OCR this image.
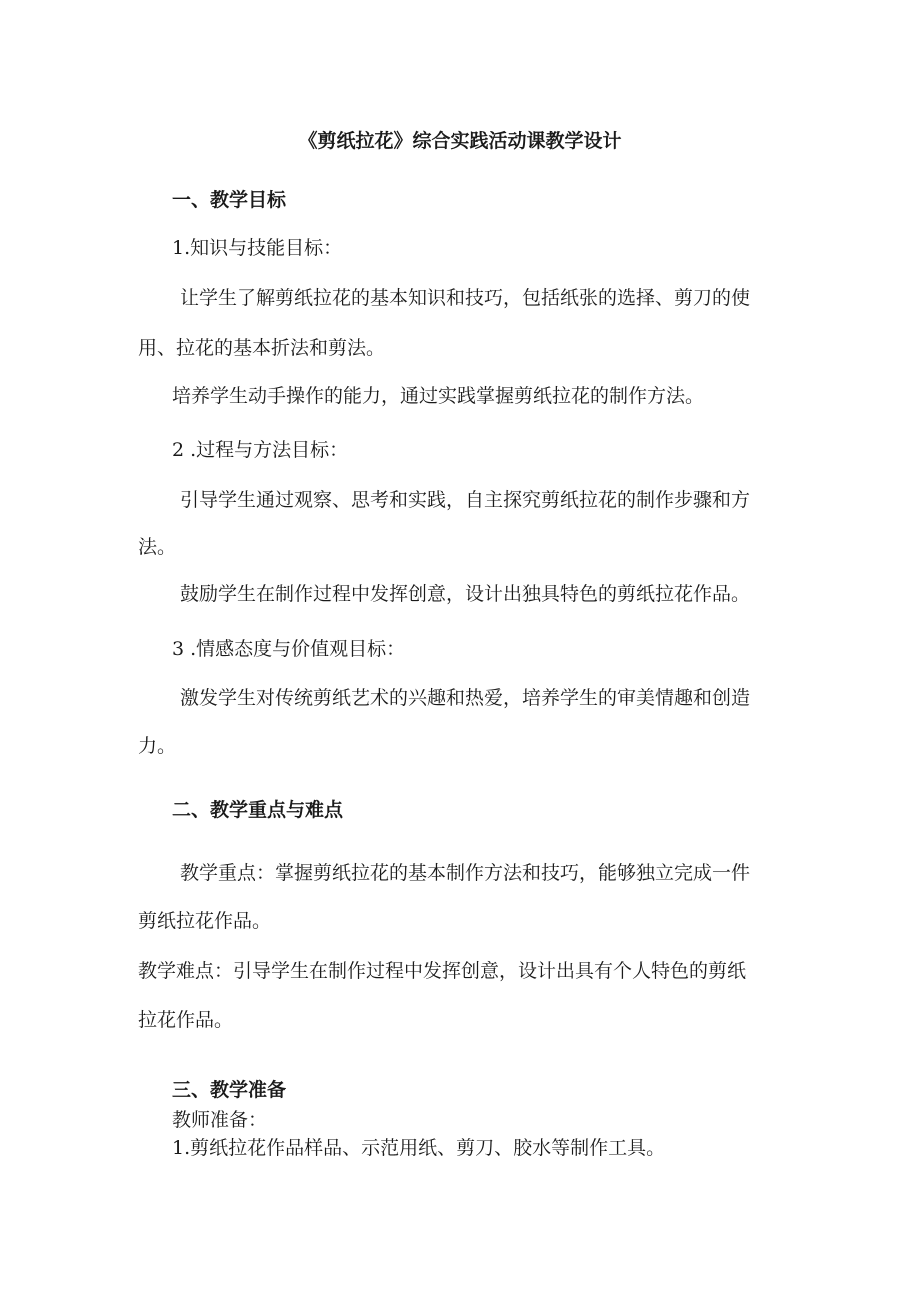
《剪纸拉花》综合实践活动课教学设计
一、教学目标
1.知识与技能目标：
让学生了解剪纸拉花的基本知识和技巧，包括纸张的选择、剪刀的使
用、拉花的基本折法和剪法。
培养学生动手操作的能力，通过实践掌握剪纸拉花的制作方法。
2 .过程与方法目标：
引导学生通过观察、思考和实践，自主探究剪纸拉花的制作步骤和方
法。
鼓励学生在制作过程中发挥创意，设计出独具特色的剪纸拉花作品。
3 .情感态度与价值观目标：
激发学生对传统剪纸艺术的兴趣和热爱，培养学生的审美情趣和创造
力。
二、教学重点与难点
教学重点：掌握剪纸拉花的基本制作方法和技巧，能够独立完成一件
剪纸拉花作品。
教学难点：引导学生在制作过程中发挥创意，设计出具有个人特色的剪纸
拉花作品。
三、教学准备
教师准备：
1.剪纸拉花作品样品、示范用纸、剪刀、胶水等制作工具。
